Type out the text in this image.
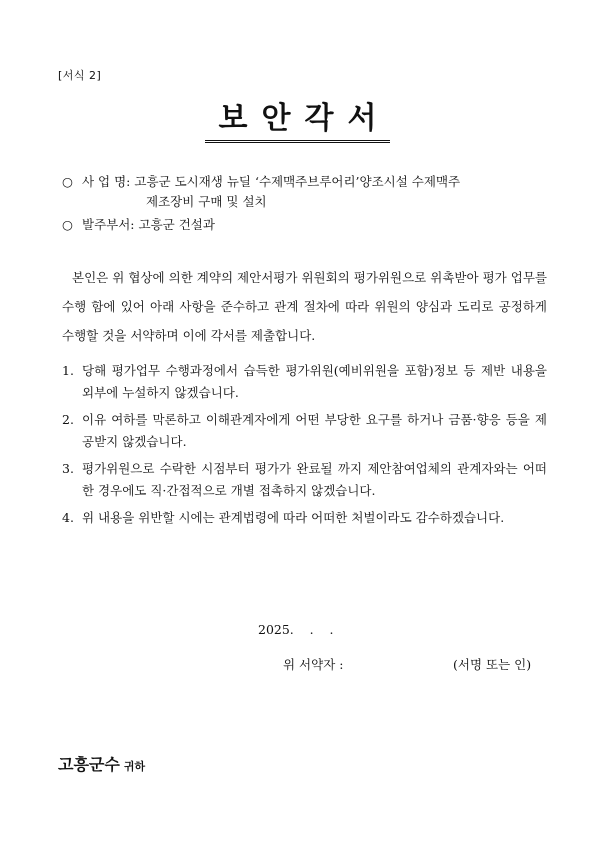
[서식 2]
보안각서
○ 사 업 명: 고흥군 도시재생 뉴딜 ‘수제맥주브루어리’양조시설 수제맥주
제조장비 구매 및 설치
○ 발주부서: 고흥군 건설과
본인은 위 협상에 의한 계약의 제안서평가 위원회의 평가위원으로 위촉받아 평가 업무를 수행 함에 있어 아래 사항을 준수하고 관계 절차에 따라 위원의 양심과 도리로 공정하게 수행할 것을 서약하며 이에 각서를 제출합니다.
1. 당해 평가업무 수행과정에서 습득한 평가위원(예비위원을 포함)정보 등 제반 내용을 외부에 누설하지 않겠습니다.
2. 이유 여하를 막론하고 이해관계자에게 어떤 부당한 요구를 하거나 금품·향응 등을 제공받지 않겠습니다.
3. 평가위원으로 수락한 시점부터 평가가 완료될 까지 제안참여업체의 관계자와는 어떠한 경우에도 직·간접적으로 개별 접촉하지 않겠습니다.
4. 위 내용을 위반할 시에는 관계법령에 따라 어떠한 처벌이라도 감수하겠습니다.
2025.    .    .
위 서약자 :	(서명 또는 인)
고흥군수 귀하
